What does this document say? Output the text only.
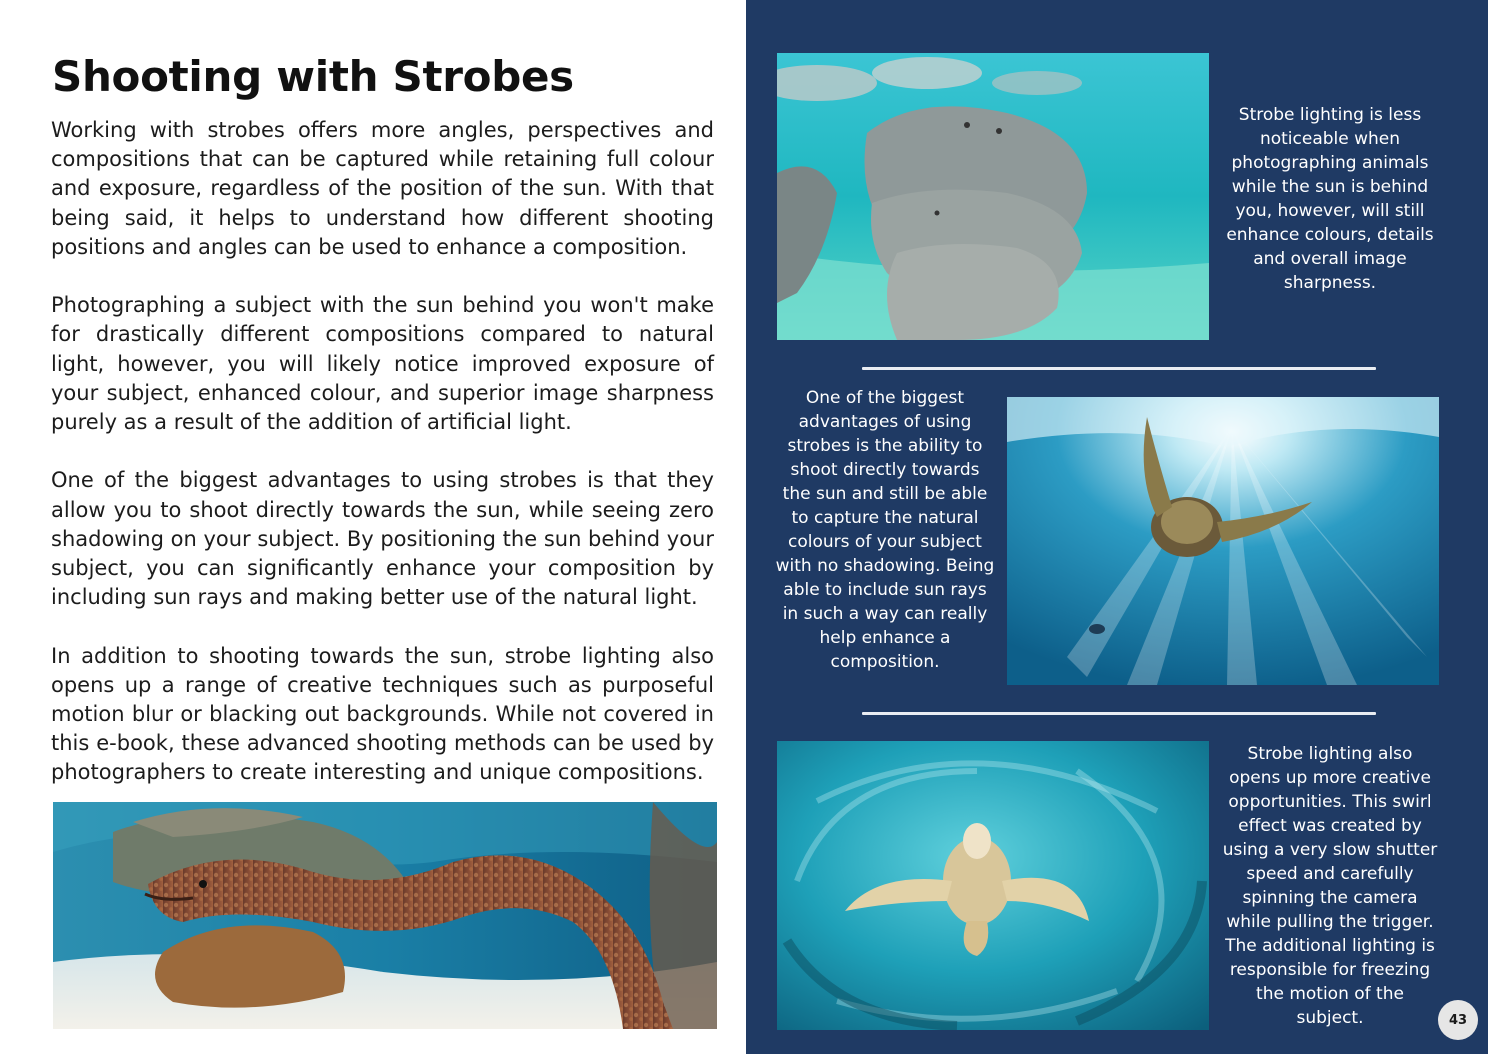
Shooting with Strobes

Working with strobes offers more angles, perspectives and compositions that can be captured while retaining full colour and exposure, regardless of the position of the sun. With that being said, it helps to understand how different shooting positions and angles can be used to enhance a composition.

Photographing a subject with the sun behind you won't make for drastically different compositions compared to natural light, however, you will likely notice improved exposure of your subject, enhanced colour, and superior image sharpness purely as a result of the addition of artificial light.

One of the biggest advantages to using strobes is that they allow you to shoot directly towards the sun, while seeing zero shadowing on your subject. By positioning the sun behind your subject, you can significantly enhance your composition by including sun rays and making better use of the natural light.

In addition to shooting towards the sun, strobe lighting also opens up a range of creative techniques such as purposeful motion blur or blacking out backgrounds. While not covered in this e-book, these advanced shooting methods can be used by photographers to create interesting and unique compositions.

Strobe lighting is less noticeable when photographing animals while the sun is behind you, however, will still enhance colours, details and overall image sharpness.
One of the biggest advantages of using strobes is the ability to shoot directly towards the sun and still be able to capture the natural colours of your subject with no shadowing. Being able to include sun rays in such a way can really help enhance a composition.
Strobe lighting also opens up more creative opportunities. This swirl effect was created by using a very slow shutter speed and carefully spinning the camera while pulling the trigger. The additional lighting is responsible for freezing the motion of the subject.	43
